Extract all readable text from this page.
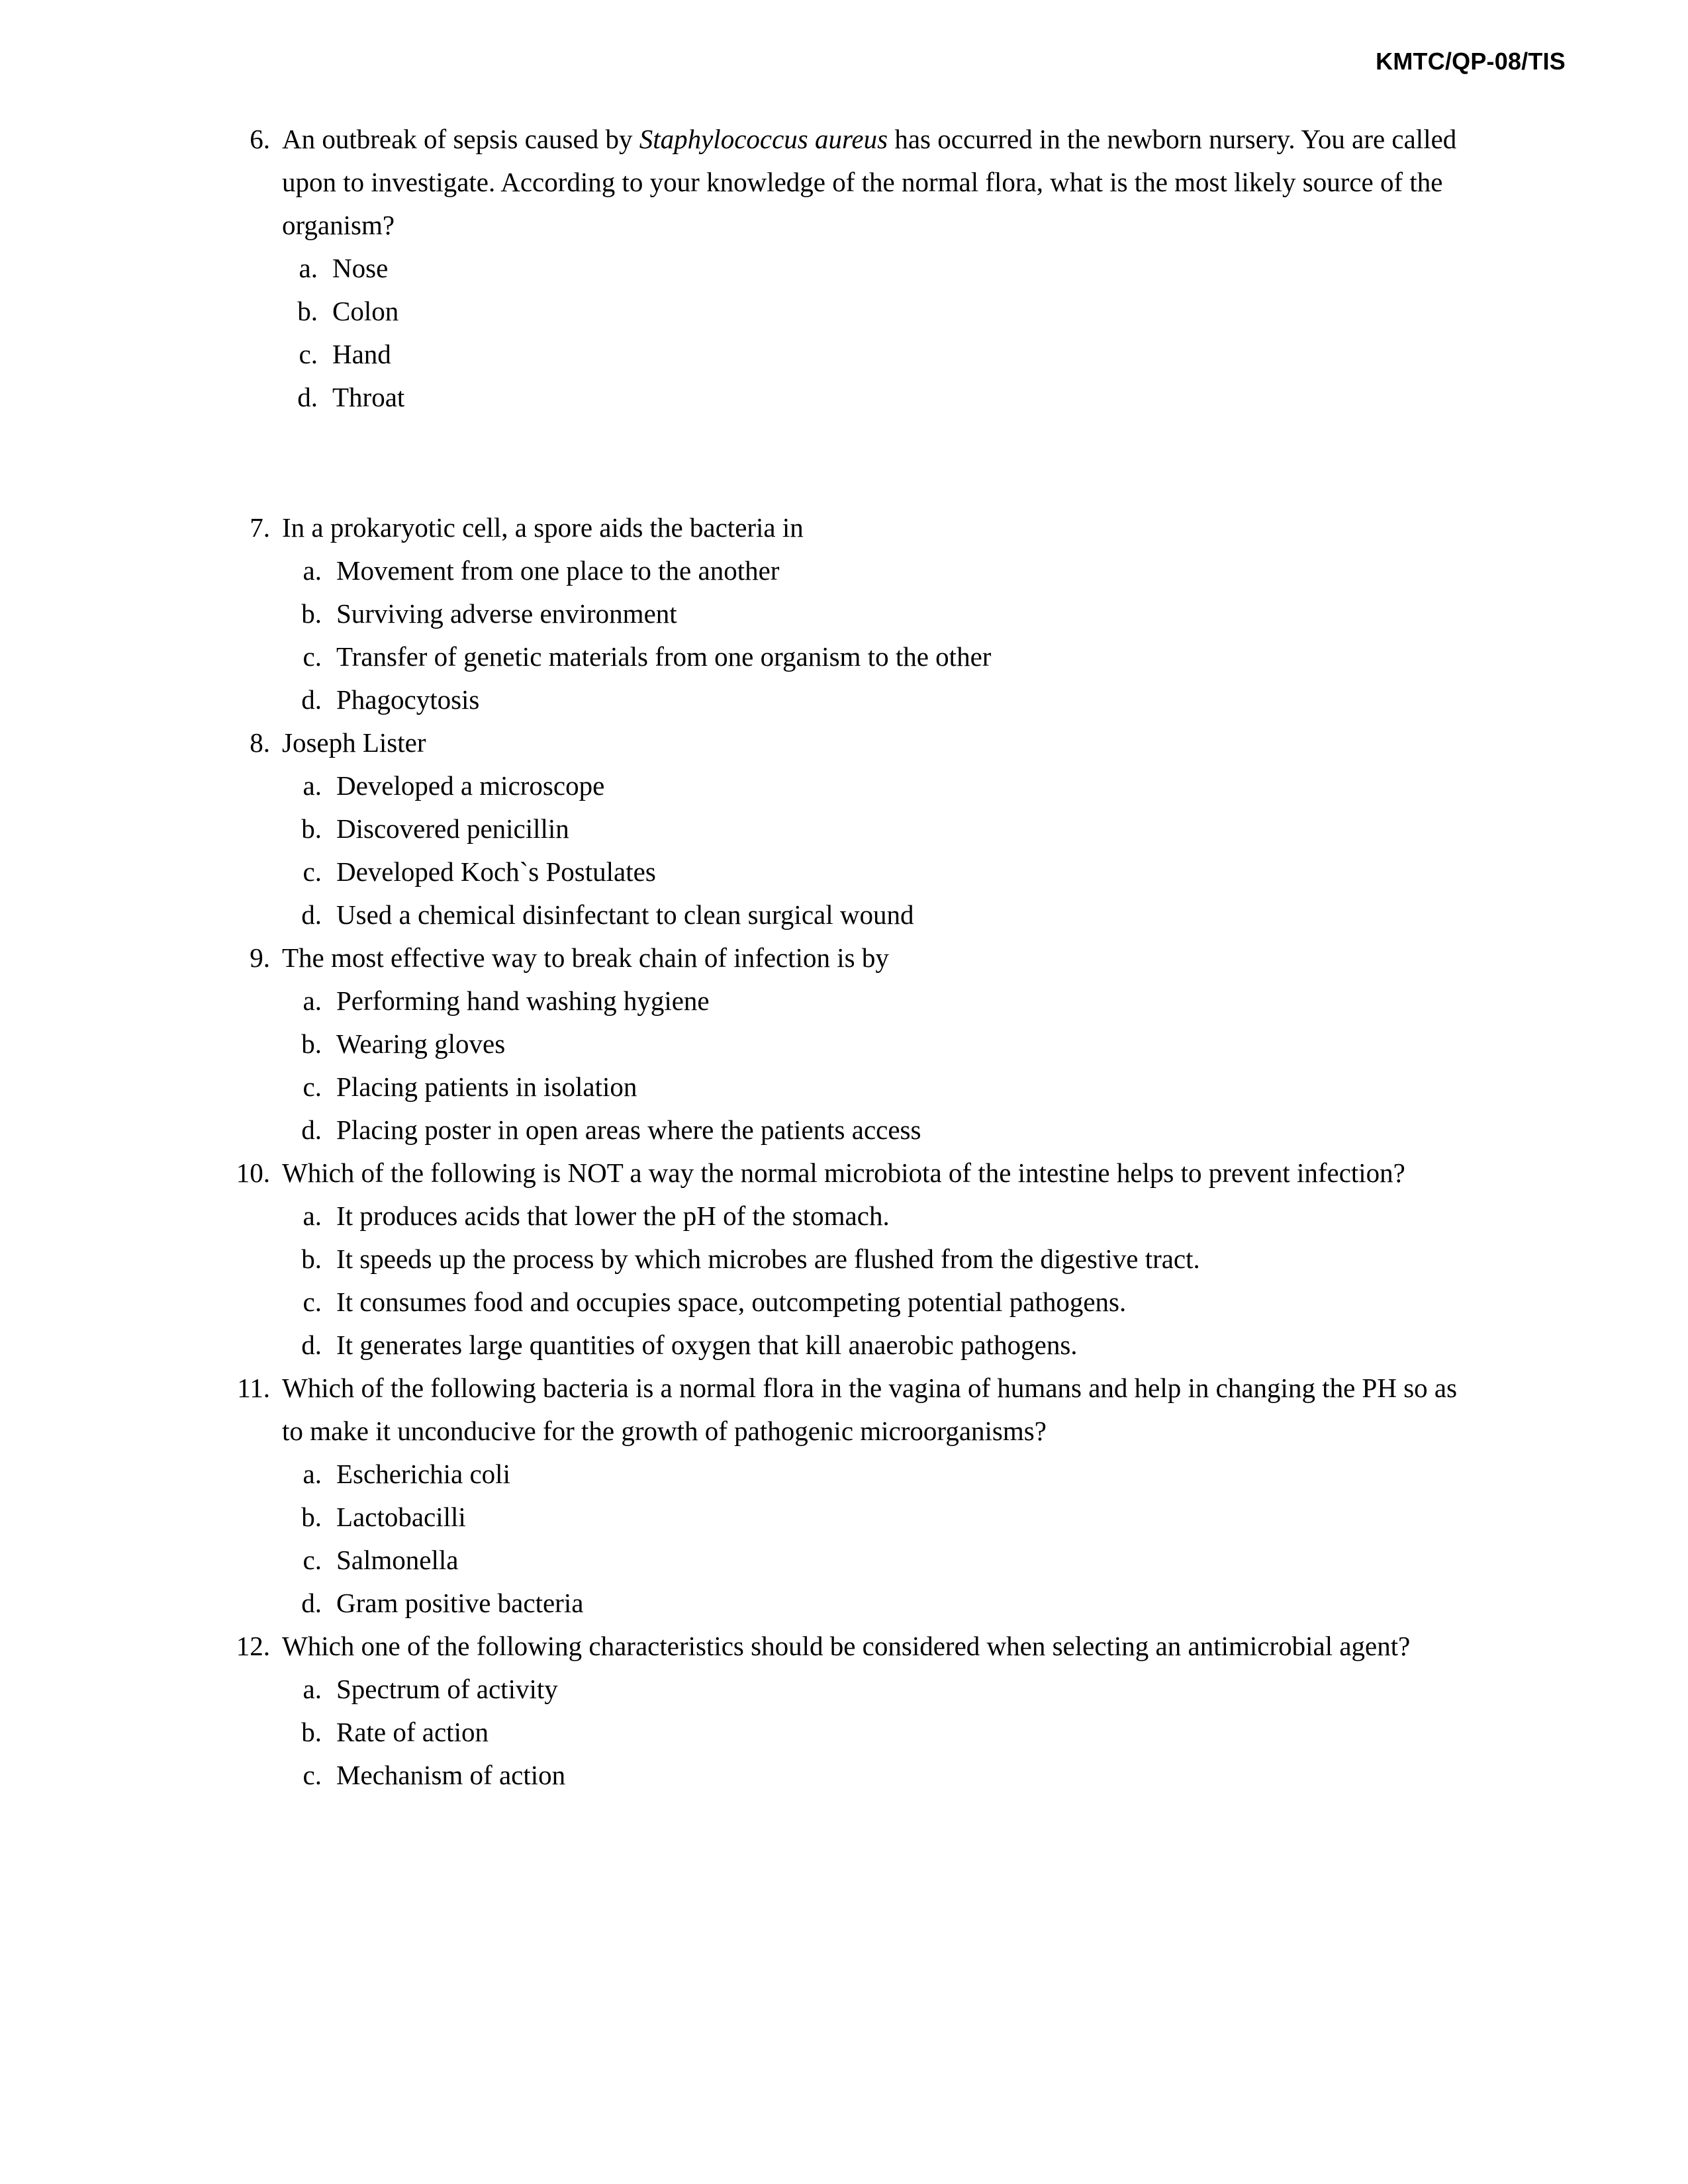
KMTC/QP-08/TIS
6. An outbreak of sepsis caused by Staphylococcus aureus has occurred in the newborn nursery. You are called upon to investigate. According to your knowledge of the normal flora, what is the most likely source of the organism?
a. Nose
b. Colon
c. Hand
d. Throat
7. In a prokaryotic cell, a spore aids the bacteria in
a. Movement from one place to the another
b. Surviving adverse environment
c. Transfer of genetic materials from one organism to the other
d. Phagocytosis
8. Joseph Lister
a. Developed a microscope
b. Discovered penicillin
c. Developed Koch`s Postulates
d. Used a chemical disinfectant to clean surgical wound
9. The most effective way to break chain of infection is by
a. Performing hand washing hygiene
b. Wearing gloves
c. Placing patients in isolation
d. Placing poster in open areas where the patients access
10. Which of the following is NOT a way the normal microbiota of the intestine helps to prevent infection?
a. It produces acids that lower the pH of the stomach.
b. It speeds up the process by which microbes are flushed from the digestive tract.
c. It consumes food and occupies space, outcompeting potential pathogens.
d. It generates large quantities of oxygen that kill anaerobic pathogens.
11. Which of the following bacteria is a normal flora in the vagina of humans and help in changing the PH so as to make it unconducive for the growth of pathogenic microorganisms?
a. Escherichia coli
b. Lactobacilli
c. Salmonella
d. Gram positive bacteria
12. Which one of the following characteristics should be considered when selecting an antimicrobial agent?
a. Spectrum of activity
b. Rate of action
c. Mechanism of action
